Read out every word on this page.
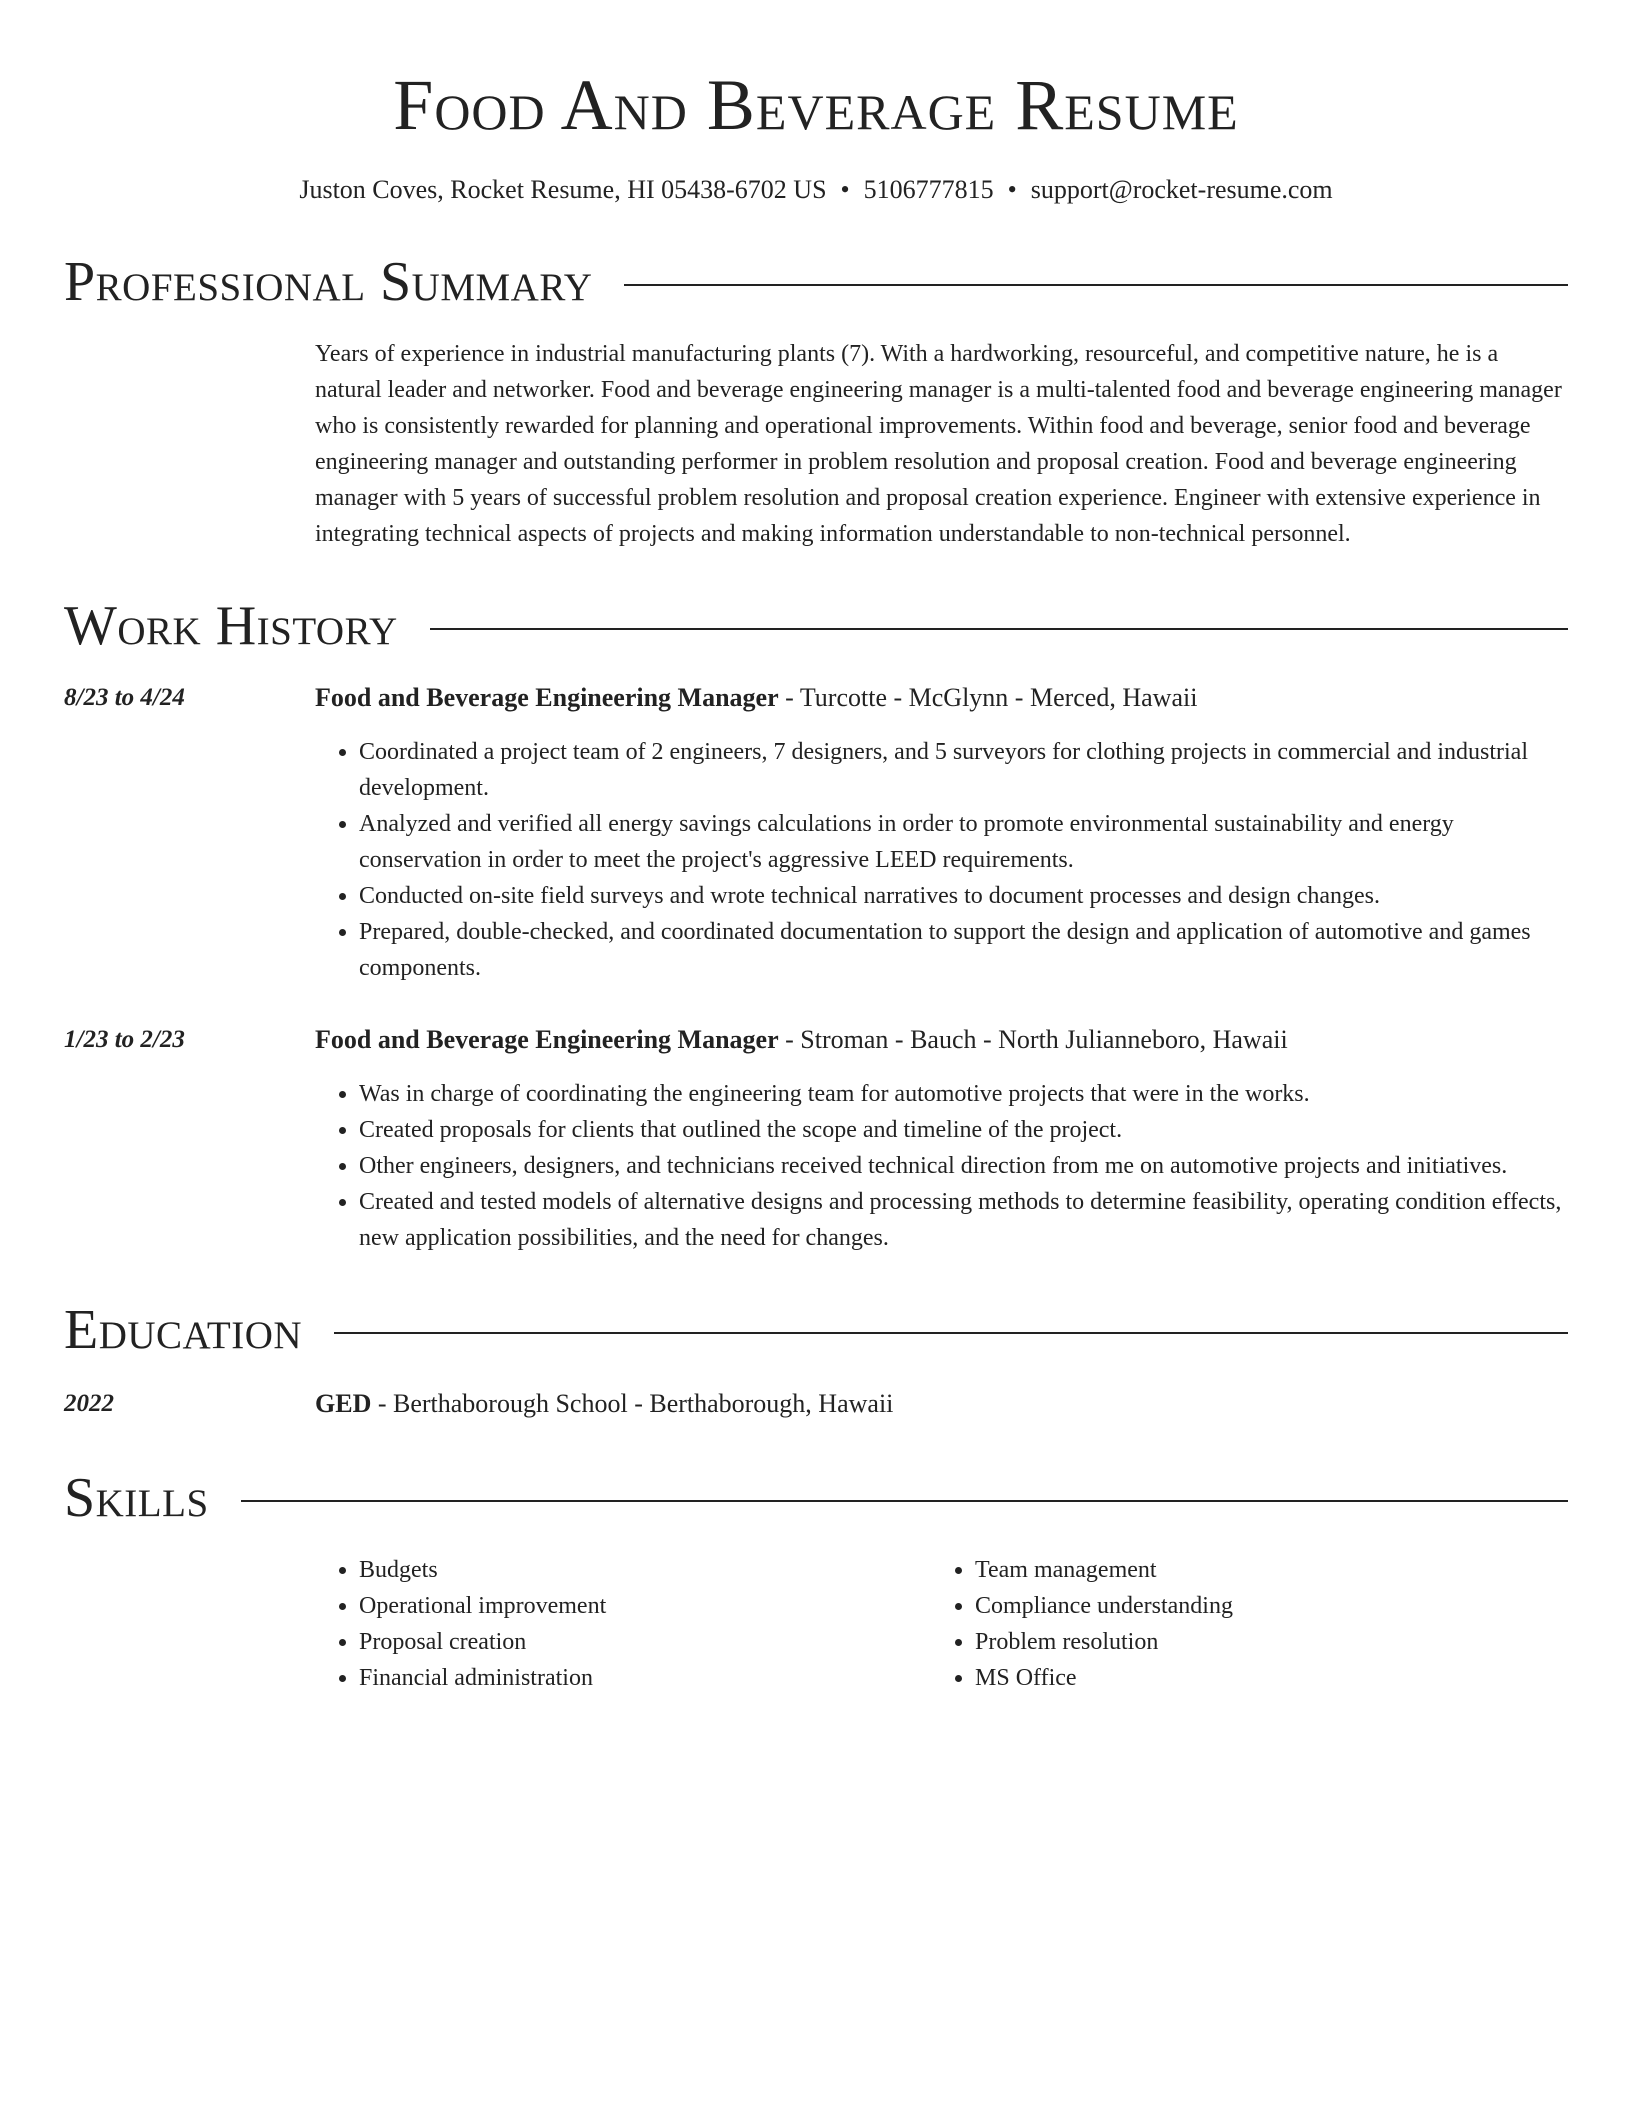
Food And Beverage Resume
Juston Coves, Rocket Resume, HI 05438-6702 US • 5106777815 • support@rocket-resume.com
Professional Summary
Years of experience in industrial manufacturing plants (7). With a hardworking, resourceful, and competitive nature, he is a natural leader and networker. Food and beverage engineering manager is a multi-talented food and beverage engineering manager who is consistently rewarded for planning and operational improvements. Within food and beverage, senior food and beverage engineering manager and outstanding performer in problem resolution and proposal creation. Food and beverage engineering manager with 5 years of successful problem resolution and proposal creation experience. Engineer with extensive experience in integrating technical aspects of projects and making information understandable to non-technical personnel.
Work History
8/23 to 4/24	Food and Beverage Engineering Manager - Turcotte - McGlynn - Merced, Hawaii
• Coordinated a project team of 2 engineers, 7 designers, and 5 surveyors for clothing projects in commercial and industrial development.
• Analyzed and verified all energy savings calculations in order to promote environmental sustainability and energy conservation in order to meet the project's aggressive LEED requirements.
• Conducted on-site field surveys and wrote technical narratives to document processes and design changes.
• Prepared, double-checked, and coordinated documentation to support the design and application of automotive and games components.
1/23 to 2/23	Food and Beverage Engineering Manager - Stroman - Bauch - North Julianneboro, Hawaii
• Was in charge of coordinating the engineering team for automotive projects that were in the works.
• Created proposals for clients that outlined the scope and timeline of the project.
• Other engineers, designers, and technicians received technical direction from me on automotive projects and initiatives.
• Created and tested models of alternative designs and processing methods to determine feasibility, operating condition effects, new application possibilities, and the need for changes.
Education
2022	GED - Berthaborough School - Berthaborough, Hawaii
Skills
• Budgets
• Operational improvement
• Proposal creation
• Financial administration
• Team management
• Compliance understanding
• Problem resolution
• MS Office
